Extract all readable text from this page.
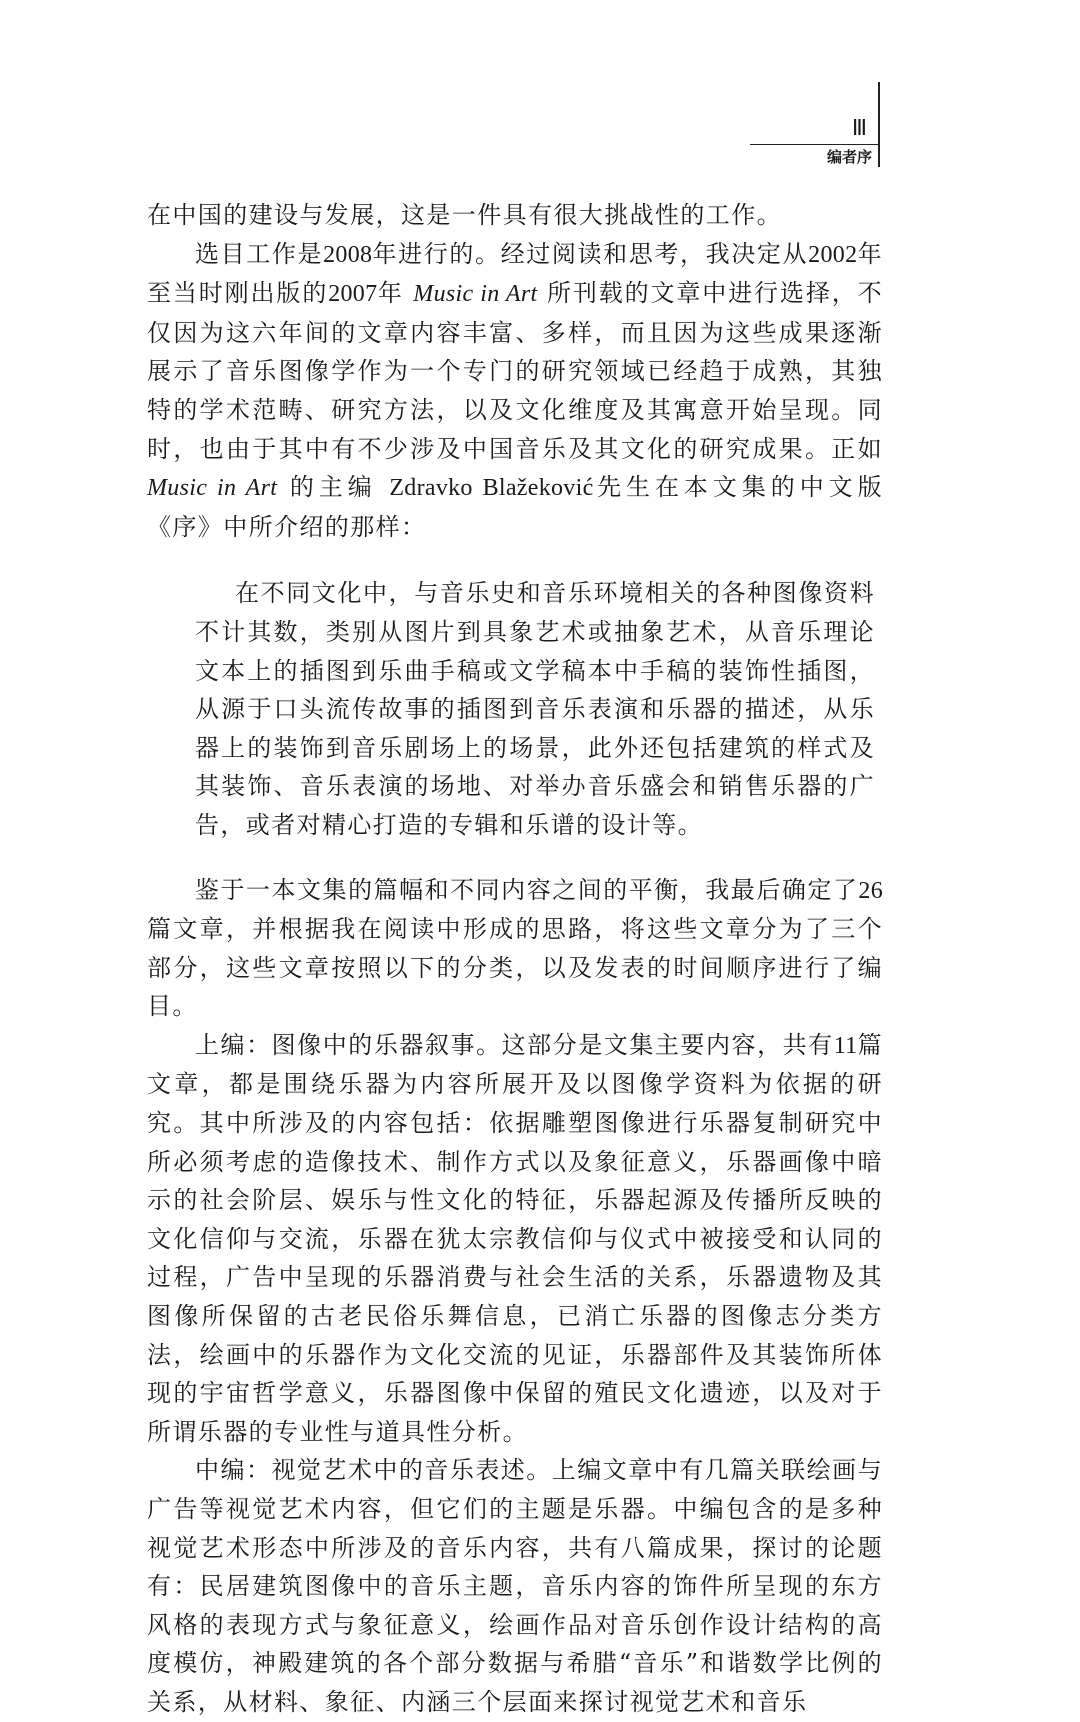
Ⅲ
编者序

在中国的建设与发展，这是一件具有很大挑战性的工作。

选目工作是2008年进行的。经过阅读和思考，我决定从2002年至当时刚出版的2007年 Music in Art 所刊载的文章中进行选择，不仅因为这六年间的文章内容丰富、多样，而且因为这些成果逐渐展示了音乐图像学作为一个专门的研究领域已经趋于成熟，其独特的学术范畴、研究方法，以及文化维度及其寓意开始呈现。同时，也由于其中有不少涉及中国音乐及其文化的研究成果。正如Music in Art 的主编 Zdravko Blažeković先生在本文集的中文版《序》中所介绍的那样：

在不同文化中，与音乐史和音乐环境相关的各种图像资料不计其数，类别从图片到具象艺术或抽象艺术，从音乐理论文本上的插图到乐曲手稿或文学稿本中手稿的装饰性插图，从源于口头流传故事的插图到音乐表演和乐器的描述，从乐器上的装饰到音乐剧场上的场景，此外还包括建筑的样式及其装饰、音乐表演的场地、对举办音乐盛会和销售乐器的广告，或者对精心打造的专辑和乐谱的设计等。

鉴于一本文集的篇幅和不同内容之间的平衡，我最后确定了26篇文章，并根据我在阅读中形成的思路，将这些文章分为了三个部分，这些文章按照以下的分类，以及发表的时间顺序进行了编目。

上编：图像中的乐器叙事。这部分是文集主要内容，共有11篇文章，都是围绕乐器为内容所展开及以图像学资料为依据的研究。其中所涉及的内容包括：依据雕塑图像进行乐器复制研究中所必须考虑的造像技术、制作方式以及象征意义，乐器画像中暗示的社会阶层、娱乐与性文化的特征，乐器起源及传播所反映的文化信仰与交流，乐器在犹太宗教信仰与仪式中被接受和认同的过程，广告中呈现的乐器消费与社会生活的关系，乐器遗物及其图像所保留的古老民俗乐舞信息，已消亡乐器的图像志分类方法，绘画中的乐器作为文化交流的见证，乐器部件及其装饰所体现的宇宙哲学意义，乐器图像中保留的殖民文化遗迹，以及对于所谓乐器的专业性与道具性分析。

中编：视觉艺术中的音乐表述。上编文章中有几篇关联绘画与广告等视觉艺术内容，但它们的主题是乐器。中编包含的是多种视觉艺术形态中所涉及的音乐内容，共有八篇成果，探讨的论题有：民居建筑图像中的音乐主题，音乐内容的饰件所呈现的东方风格的表现方式与象征意义，绘画作品对音乐创作设计结构的高度模仿，神殿建筑的各个部分数据与希腊“音乐”和谐数学比例的关系，从材料、象征、内涵三个层面来探讨视觉艺术和音乐
